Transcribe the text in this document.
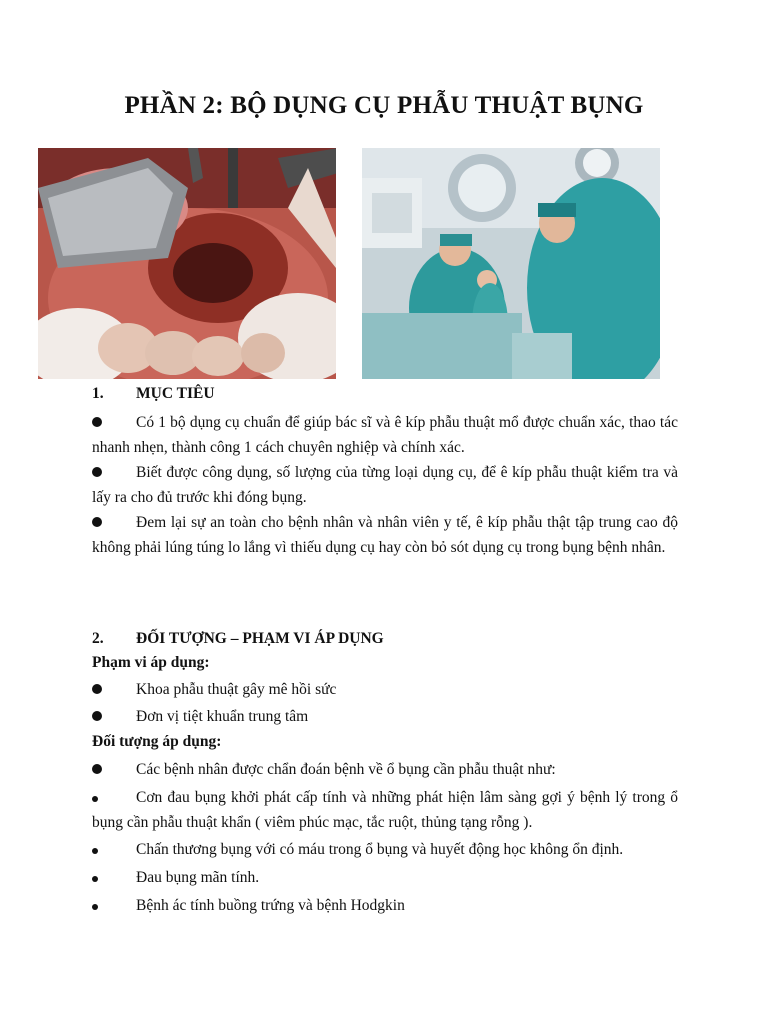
PHẦN 2: BỘ DỤNG CỤ PHẪU THUẬT BỤNG
1.	MỤC TIÊU
Có 1 bộ dụng cụ chuẩn để giúp bác sĩ và ê kíp phẫu thuật mổ được chuẩn xác, thao tác nhanh nhẹn, thành công 1 cách chuyên nghiệp và chính xác.
Biết được công dụng, số lượng của từng loại dụng cụ, để ê kíp phẫu thuật kiểm tra và lấy ra cho đủ trước khi đóng bụng.
Đem lại sự an toàn cho bệnh nhân và nhân viên y tế, ê kíp phẫu thật tập trung cao độ không phải lúng túng lo lắng vì thiếu dụng cụ hay còn bỏ sót dụng cụ trong bụng bệnh nhân.
2.	ĐỐI TƯỢNG – PHẠM VI ÁP DỤNG
Phạm vi áp dụng:
Khoa phẫu thuật gây mê hồi sức
Đơn vị tiệt khuẩn trung tâm
Đối tượng áp dụng:
Các bệnh nhân được chẩn đoán bệnh về ổ bụng cần phẫu thuật như:
Cơn đau bụng khởi phát cấp tính và những phát hiện lâm sàng gợi ý bệnh lý trong ổ bụng cần phẫu thuật khẩn ( viêm phúc mạc, tắc ruột, thủng tạng rỗng ).
Chấn thương bụng với có máu trong ổ bụng và huyết động học không ổn định.
Đau bụng mãn tính.
Bệnh ác tính buồng trứng và bệnh Hodgkin
